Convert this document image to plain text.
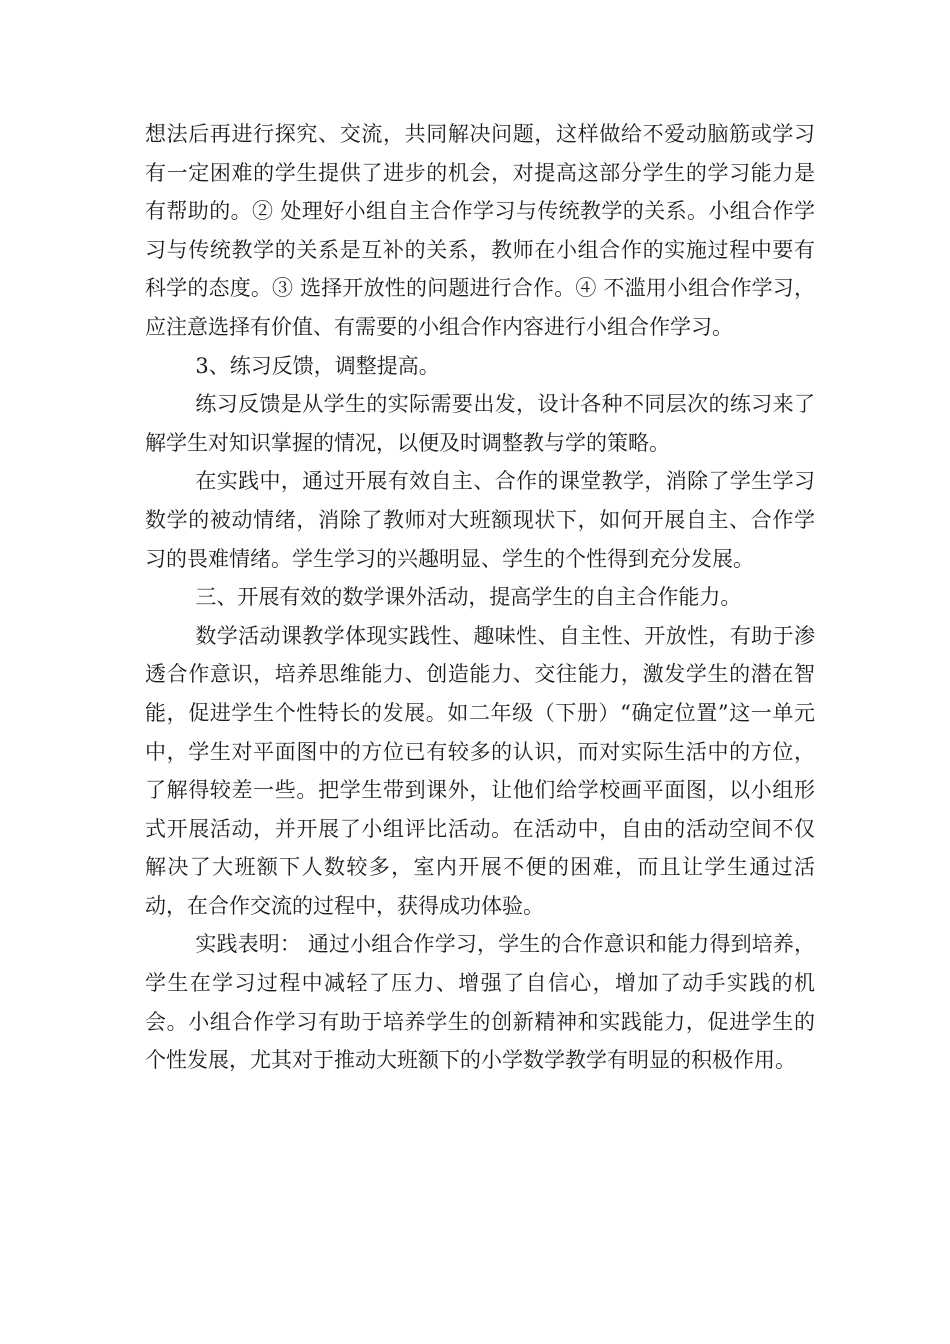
想法后再进行探究、交流，共同解决问题，这样做给不爱动脑筋或学习有一定困难的学生提供了进步的机会，对提高这部分学生的学习能力是有帮助的。② 处理好小组自主合作学习与传统教学的关系。小组合作学习与传统教学的关系是互补的关系，教师在小组合作的实施过程中要有科学的态度。③ 选择开放性的问题进行合作。④ 不滥用小组合作学习，应注意选择有价值、有需要的小组合作内容进行小组合作学习。

3、练习反馈，调整提高。

练习反馈是从学生的实际需要出发，设计各种不同层次的练习来了解学生对知识掌握的情况，以便及时调整教与学的策略。

在实践中，通过开展有效自主、合作的课堂教学，消除了学生学习数学的被动情绪，消除了教师对大班额现状下，如何开展自主、合作学习的畏难情绪。学生学习的兴趣明显、学生的个性得到充分发展。

三、开展有效的数学课外活动，提高学生的自主合作能力。

数学活动课教学体现实践性、趣味性、自主性、开放性，有助于渗透合作意识，培养思维能力、创造能力、交往能力，激发学生的潜在智能，促进学生个性特长的发展。如二年级（下册）“确定位置”这一单元中，学生对平面图中的方位已有较多的认识，而对实际生活中的方位，了解得较差一些。把学生带到课外，让他们给学校画平面图，以小组形式开展活动，并开展了小组评比活动。在活动中，自由的活动空间不仅解决了大班额下人数较多，室内开展不便的困难，而且让学生通过活动，在合作交流的过程中，获得成功体验。

实践表明： 通过小组合作学习，学生的合作意识和能力得到培养，学生在学习过程中减轻了压力、增强了自信心，增加了动手实践的机会。小组合作学习有助于培养学生的创新精神和实践能力，促进学生的个性发展，尤其对于推动大班额下的小学数学教学有明显的积极作用。
